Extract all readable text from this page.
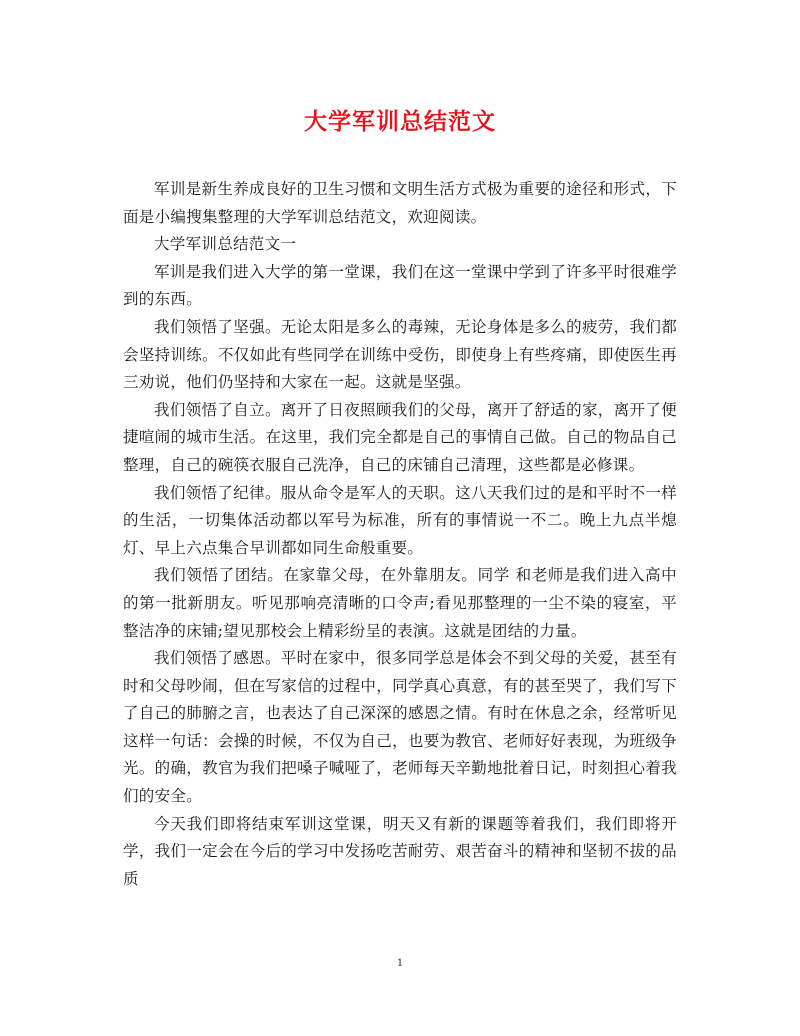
大学军训总结范文

军训是新生养成良好的卫生习惯和文明生活方式极为重要的途径和形式，下面是小编搜集整理的大学军训总结范文，欢迎阅读。

大学军训总结范文一

军训是我们进入大学的第一堂课，我们在这一堂课中学到了许多平时很难学到的东西。

我们领悟了坚强。无论太阳是多么的毒辣，无论身体是多么的疲劳，我们都会坚持训练。不仅如此有些同学在训练中受伤，即使身上有些疼痛，即使医生再三劝说，他们仍坚持和大家在一起。这就是坚强。

我们领悟了自立。离开了日夜照顾我们的父母，离开了舒适的家，离开了便捷喧闹的城市生活。在这里，我们完全都是自己的事情自己做。自己的物品自己整理，自己的碗筷衣服自己洗净，自己的床铺自己清理，这些都是必修课。

我们领悟了纪律。服从命令是军人的天职。这八天我们过的是和平时不一样的生活，一切集体活动都以军号为标准，所有的事情说一不二。晚上九点半熄灯、早上六点集合早训都如同生命般重要。

我们领悟了团结。在家靠父母，在外靠朋友。同学 和老师是我们进入高中的第一批新朋友。听见那响亮清晰的口令声;看见那整理的一尘不染的寝室，平整洁净的床铺;望见那校会上精彩纷呈的表演。这就是团结的力量。

我们领悟了感恩。平时在家中，很多同学总是体会不到父母的关爱，甚至有时和父母吵闹，但在写家信的过程中，同学真心真意，有的甚至哭了，我们写下了自己的肺腑之言，也表达了自己深深的感恩之情。有时在休息之余，经常听见这样一句话：会操的时候，不仅为自己，也要为教官、老师好好表现，为班级争光。的确，教官为我们把嗓子喊哑了，老师每天辛勤地批着日记，时刻担心着我们的安全。

今天我们即将结束军训这堂课，明天又有新的课题等着我们，我们即将开学，我们一定会在今后的学习中发扬吃苦耐劳、艰苦奋斗的精神和坚韧不拔的品质

1
